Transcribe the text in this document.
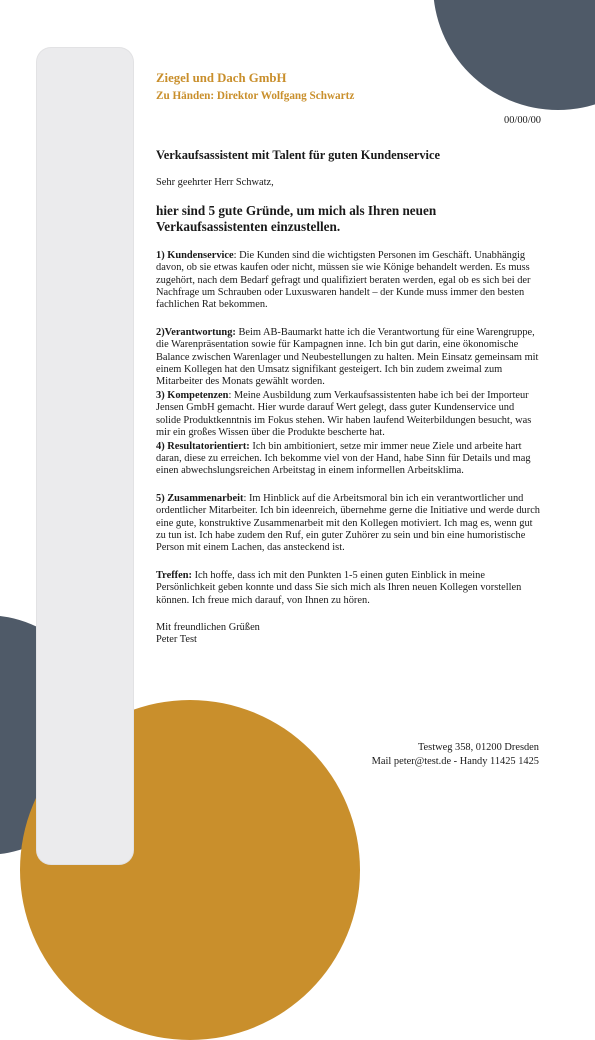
Ziegel und Dach GmbH
Zu Händen: Direktor Wolfgang Schwartz
00/00/00
Verkaufsassistent mit Talent für guten Kundenservice
Sehr geehrter Herr Schwatz,
hier sind 5 gute Gründe, um mich als Ihren neuen Verkaufsassistenten einzustellen.
1) Kundenservice: Die Kunden sind die wichtigsten Personen im Geschäft. Unabhängig davon, ob sie etwas kaufen oder nicht, müssen sie wie Könige behandelt werden. Es muss zugehört, nach dem Bedarf gefragt und qualifiziert beraten werden, egal ob es sich bei der Nachfrage um Schrauben oder Luxuswaren handelt – der Kunde muss immer den besten fachlichen Rat bekommen.
2)Verantwortung: Beim AB-Baumarkt hatte ich die Verantwortung für eine Warengruppe, die Warenpräsentation sowie für Kampagnen inne. Ich bin gut darin, eine ökonomische Balance zwischen Warenlager und Neubestellungen zu halten. Mein Einsatz gemeinsam mit einem Kollegen hat den Umsatz signifikant gesteigert. Ich bin zudem zweimal zum Mitarbeiter des Monats gewählt worden.
3) Kompetenzen: Meine Ausbildung zum Verkaufsassistenten habe ich bei der Importeur Jensen GmbH gemacht. Hier wurde darauf Wert gelegt, dass guter Kundenservice und solide Produktkenntnis im Fokus stehen. Wir haben laufend Weiterbildungen besucht, was mir ein großes Wissen über die Produkte bescherte hat.
4) Resultatorientiert: Ich bin ambitioniert, setze mir immer neue Ziele und arbeite hart daran, diese zu erreichen. Ich bekomme viel von der Hand, habe Sinn für Details und mag einen abwechslungsreichen Arbeitstag in einem informellen Arbeitsklima.
5) Zusammenarbeit: Im Hinblick auf die Arbeitsmoral bin ich ein verantwortlicher und ordentlicher Mitarbeiter. Ich bin ideenreich, übernehme gerne die Initiative und werde durch eine gute, konstruktive Zusammenarbeit mit den Kollegen motiviert. Ich mag es, wenn gut zu tun ist. Ich habe zudem den Ruf, ein guter Zuhörer zu sein und bin eine humoristische Person mit einem Lachen, das ansteckend ist.
Treffen: Ich hoffe, dass ich mit den Punkten 1-5 einen guten Einblick in meine Persönlichkeit geben konnte und dass Sie sich mich als Ihren neuen Kollegen vorstellen können. Ich freue mich darauf, von Ihnen zu hören.
Mit freundlichen Grüßen
Peter Test
Testweg 358, 01200 Dresden
Mail peter@test.de - Handy 11425 1425
